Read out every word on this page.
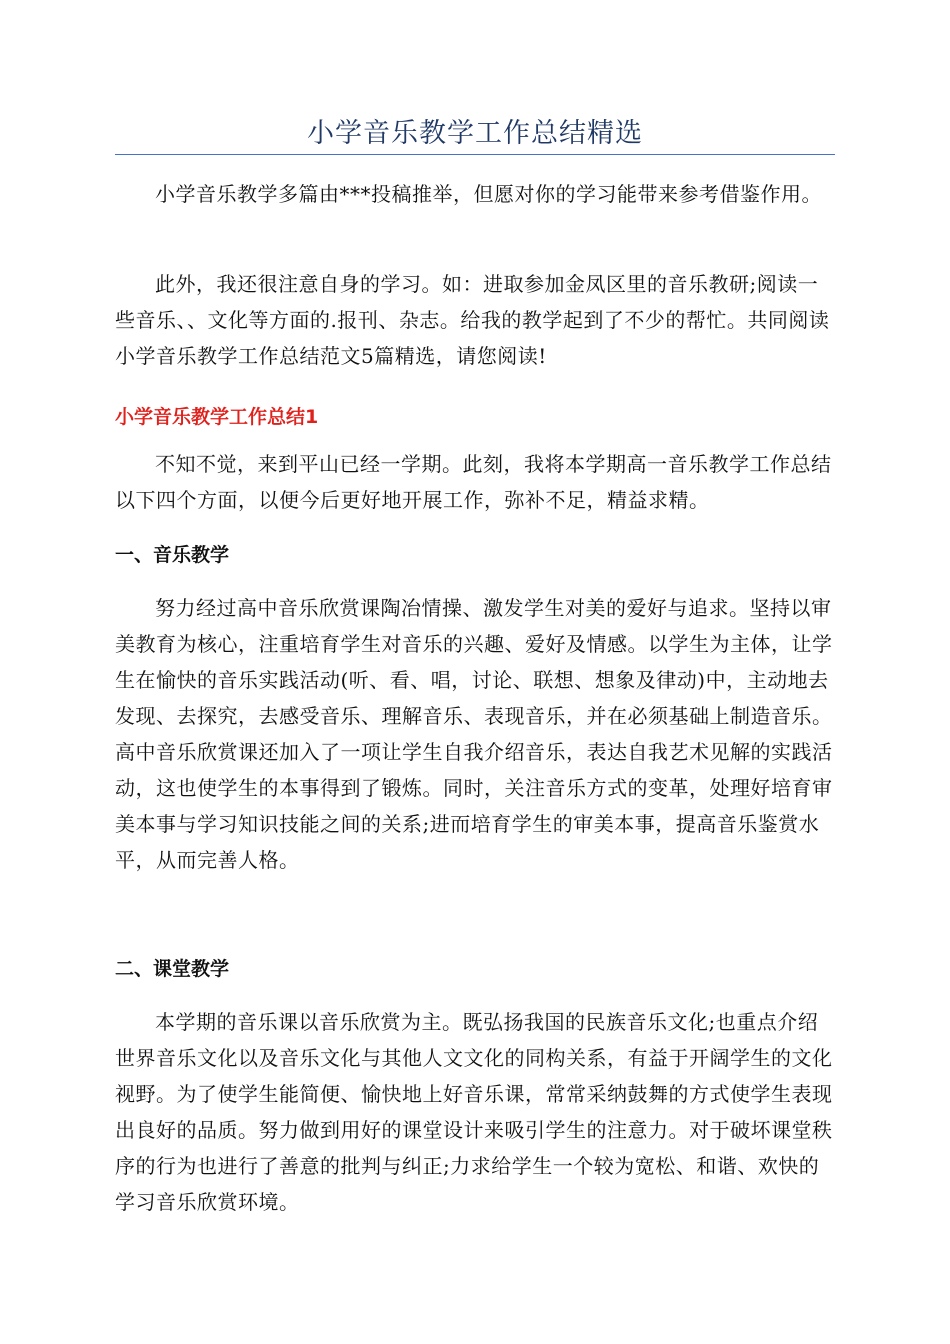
小学音乐教学工作总结精选

小学音乐教学多篇由***投稿推举，但愿对你的学习能带来参考借鉴作用。

此外，我还很注意自身的学习。如：进取参加金凤区里的音乐教研;阅读一些音乐、、文化等方面的.报刊、杂志。给我的教学起到了不少的帮忙。共同阅读小学音乐教学工作总结范文5篇精选，请您阅读!

小学音乐教学工作总结1

不知不觉，来到平山已经一学期。此刻，我将本学期高一音乐教学工作总结以下四个方面，以便今后更好地开展工作，弥补不足，精益求精。

一、音乐教学

努力经过高中音乐欣赏课陶冶情操、激发学生对美的爱好与追求。坚持以审美教育为核心，注重培育学生对音乐的兴趣、爱好及情感。以学生为主体，让学生在愉快的音乐实践活动(听、看、唱，讨论、联想、想象及律动)中，主动地去发现、去探究，去感受音乐、理解音乐、表现音乐，并在必须基础上制造音乐。高中音乐欣赏课还加入了一项让学生自我介绍音乐，表达自我艺术见解的实践活动，这也使学生的本事得到了锻炼。同时，关注音乐方式的变革，处理好培育审美本事与学习知识技能之间的关系;进而培育学生的审美本事，提高音乐鉴赏水平，从而完善人格。

二、课堂教学

本学期的音乐课以音乐欣赏为主。既弘扬我国的民族音乐文化;也重点介绍世界音乐文化以及音乐文化与其他人文文化的同构关系，有益于开阔学生的文化视野。为了使学生能简便、愉快地上好音乐课，常常采纳鼓舞的方式使学生表现出良好的品质。努力做到用好的课堂设计来吸引学生的注意力。对于破坏课堂秩序的行为也进行了善意的批判与纠正;力求给学生一个较为宽松、和谐、欢快的学习音乐欣赏环境。
